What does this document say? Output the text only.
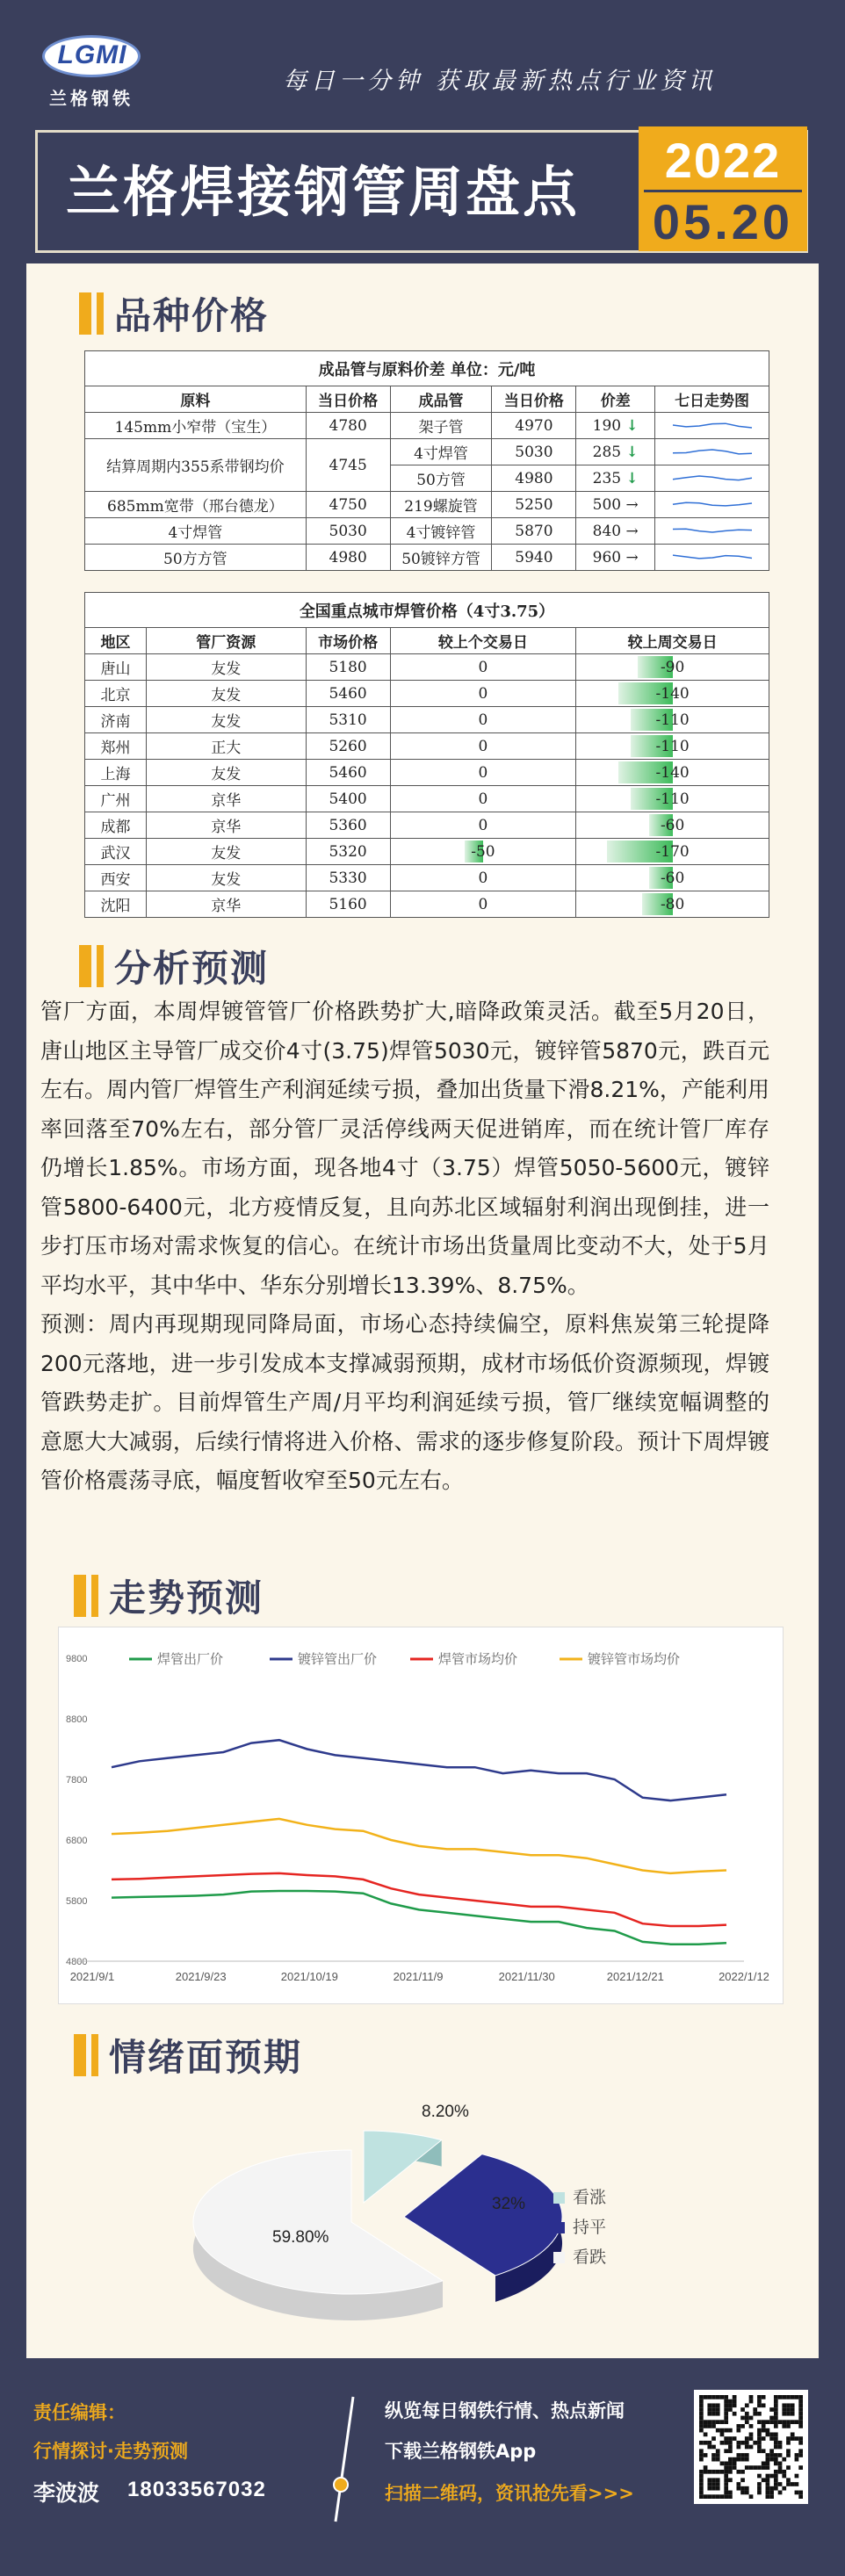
LGMI
兰格钢铁
每日一分钟 获取最新热点行业资讯
兰格焊接钢管周盘点	2022
05.20
品种价格
成品管与原料价差 单位：元/吨					
原料	当日价格	成品管	当日价格	价差	七日走势图
145mm小窄带（宝生）	4780	架子管	4970	190 ↓	

结算周期内355系带钢均价	4745	4寸焊管	5030	285 ↓	

		50方管	4980	235 ↓	

685mm宽带（邢台德龙）	4750	219螺旋管	5250	500 →	

4寸焊管	5030	4寸镀锌管	5870	840 →	

50方方管	4980	50镀锌方管	5940	960 →	
全国重点城市焊管价格（4寸3.75）				
地区	管厂资源	市场价格	较上个交易日	较上周交易日
唐山	友发	5180	0	-90
北京	友发	5460	0	-140
济南	友发	5310	0	-110
郑州	正大	5260	0	-110
上海	友发	5460	0	-140
广州	京华	5400	0	-110
成都	京华	5360	0	-60
武汉	友发	5320	-50	-170
西安	友发	5330	0	-60
沈阳	京华	5160	0	-80
分析预测

管厂方面，本周焊镀管管厂价格跌势扩大,暗降政策灵活。截至5月20日，唐山地区主导管厂成交价4寸(3.75)焊管5030元，镀锌管5870元，跌百元左右。周内管厂焊管生产利润延续亏损，叠加出货量下滑8.21%，产能利用率回落至70%左右，部分管厂灵活停线两天促进销库，而在统计管厂库存仍增长1.85%。市场方面，现各地4寸（3.75）焊管5050-5600元，镀锌管5800-6400元，北方疫情反复，且向苏北区域辐射利润出现倒挂，进一步打压市场对需求恢复的信心。在统计市场出货量周比变动不大，处于5月平均水平，其中华中、华东分别增长13.39%、8.75%。

预测：周内再现期现同降局面，市场心态持续偏空，原料焦炭第三轮提降200元落地，进一步引发成本支撑减弱预期，成材市场低价资源频现，焊镀管跌势走扩。目前焊管生产周/月平均利润延续亏损，管厂继续宽幅调整的意愿大大减弱，后续行情将进入价格、需求的逐步修复阶段。预计下周焊镀管价格震荡寻底，幅度暂收窄至50元左右。

走势预测
4800
5800
6800
7800
8800
9800
2021/9/1	2021/9/23	2021/10/19	2021/11/9	2021/11/30	2021/12/21	2022/1/12
焊管出厂价	镀锌管出厂价	焊管市场均价	镀锌管市场均价
情绪面预期
8.20%
32%
59.80%
看涨
持平
看跌
责任编辑：
行情探讨·走势预测
李波波 18033567032
纵览每日钢铁行情、热点新闻
下载兰格钢铁App
扫描二维码，资讯抢先看>>>
